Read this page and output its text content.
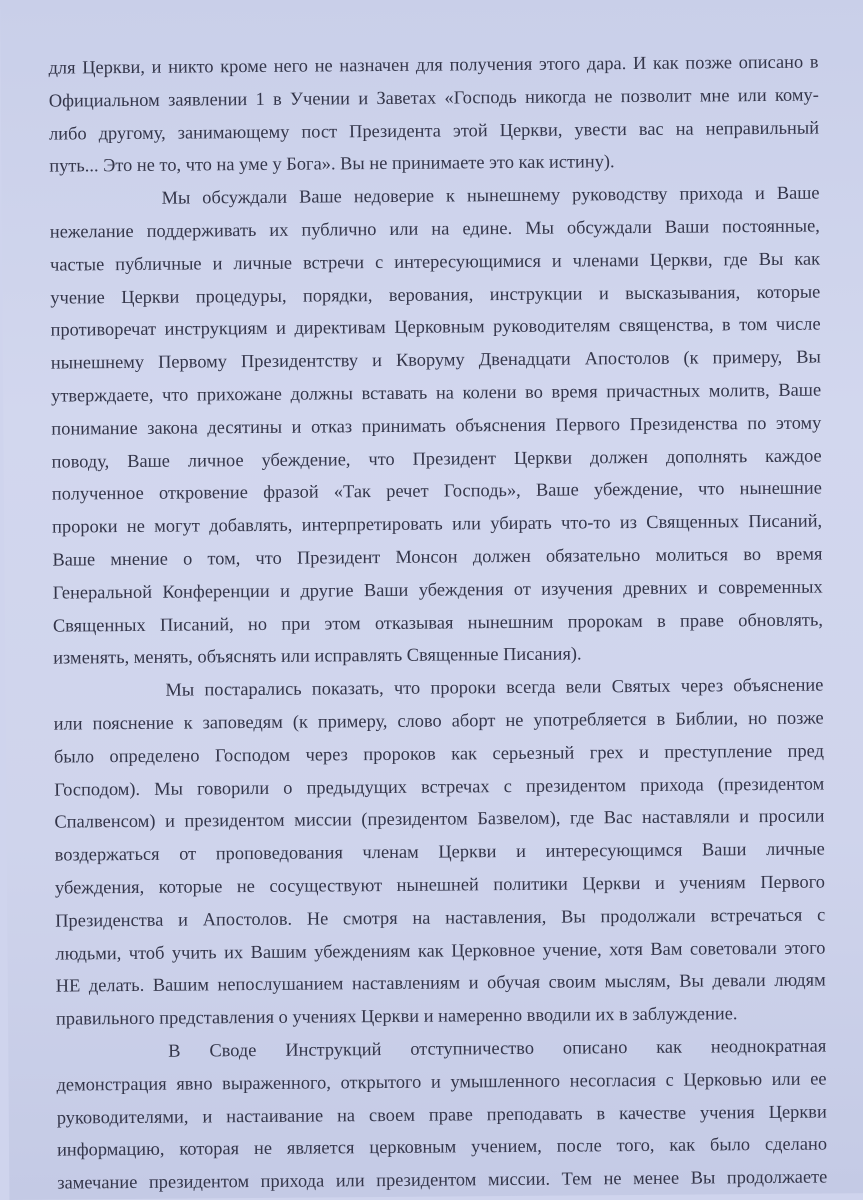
для Церкви, и никто кроме него не назначен для получения этого дара. И как позже описано в
Официальном заявлении 1 в Учении и Заветах «Господь никогда не позволит мне или кому-
либо другому, занимающему пост Президента этой Церкви, увести вас на неправильный
путь... Это не то, что на уме у Бога». Вы не принимаете это как истину).

Мы обсуждали Ваше недоверие к нынешнему руководству прихода и Ваше
нежелание поддерживать их публично или на едине. Мы обсуждали Ваши постоянные,
частые публичные и личные встречи с интересующимися и членами Церкви, где Вы как
учение Церкви процедуры, порядки, верования, инструкции и высказывания, которые
противоречат инструкциям и директивам Церковным руководителям священства, в том числе
нынешнему Первому Президентству и Кворуму Двенадцати Апостолов (к примеру, Вы
утверждаете, что прихожане должны вставать на колени во время причастных молитв, Ваше
понимание закона десятины и отказ принимать объяснения Первого Президенства по этому
поводу, Ваше личное убеждение, что Президент Церкви должен дополнять каждое
полученное откровение фразой «Так речет Господь», Ваше убеждение, что нынешние
пророки не могут добавлять, интерпретировать или убирать что-то из Священных Писаний,
Ваше мнение о том, что Президент Монсон должен обязательно молиться во время
Генеральной Конференции и другие Ваши убеждения от изучения древних и современных
Священных Писаний, но при этом отказывая нынешним пророкам в праве обновлять,
изменять, менять, объяснять или исправлять Священные Писания).

Мы постарались показать, что пророки всегда вели Святых через объяснение
или пояснение к заповедям (к примеру, слово аборт не употребляется в Библии, но позже
было определено Господом через пророков как серьезный грех и преступление пред
Господом). Мы говорили о предыдущих встречах с президентом прихода (президентом
Спалвенсом) и президентом миссии (президентом Базвелом), где Вас наставляли и просили
воздержаться от проповедования членам Церкви и интересующимся Ваши личные
убеждения, которые не сосуществуют нынешней политики Церкви и учениям Первого
Президенства и Апостолов. Не смотря на наставления, Вы продолжали встречаться с
людьми, чтоб учить их Вашим убеждениям как Церковное учение, хотя Вам советовали этого
НЕ делать. Вашим непослушанием наставлениям и обучая своим мыслям, Вы девали людям
правильного представления о учениях Церкви и намеренно вводили их в заблуждение.

В Своде Инструкций отступничество описано как неоднократная
демонстрация явно выраженного, открытого и умышленного несогласия с Церковью или ее
руководителями, и настаивание на своем праве преподавать в качестве учения Церкви
информацию, которая не является церковным учением, после того, как было сделано
замечание президентом прихода или президентом миссии. Тем не менее Вы продолжаете
